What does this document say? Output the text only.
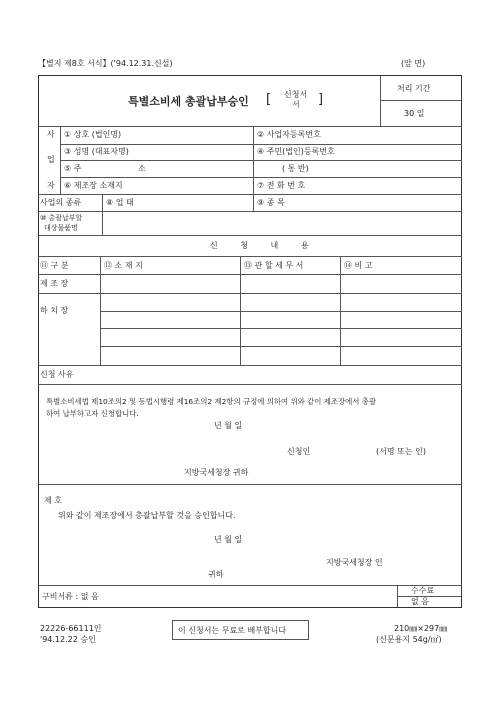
【별지 제8호 서식】('94.12.31.신설)	(앞 면)
특별소비세 총괄납부승인 [ 신청서
서 ]
처리 기간
30 일
사
업
자
① 상호 (법인명)	② 사업자등록번호
③ 성명 (대표자명)	④ 주민(법인)등록번호
⑤ 주	소	( 통 반)
⑥ 제조장 소재지	⑦ 전 화 번 호
사업의 종류	⑧ 업 태	⑨ 종 목
⑩ 총괄납부할
대상물품명
신 청 내 용
⑪ 구 분	⑫ 소 재 지	⑬ 관 할 세 무 서	⑭ 비 고
제 조 장
하 치 장
신청 사유
특별소비세법 제10조의2 및 동법시행령 제16조의2 제2항의 규정에 의하여 위와 같이 제조장에서 총괄
하여 납부하고자 신청합니다.
년 월 일
신청인	(서명 또는 인)
지방국세청장 귀하
제 호
위와 같이 제조장에서 총괄납부할 것을 승인합니다.
년 월 일
지방국세청장 인
귀하
구비서류 : 없 음
수수료
없 음
22226-66111인
'94.12.22 승인
이 신청서는 무료로 배부합니다	210㎜×297㎜
(신문용지 54g/㎡)
